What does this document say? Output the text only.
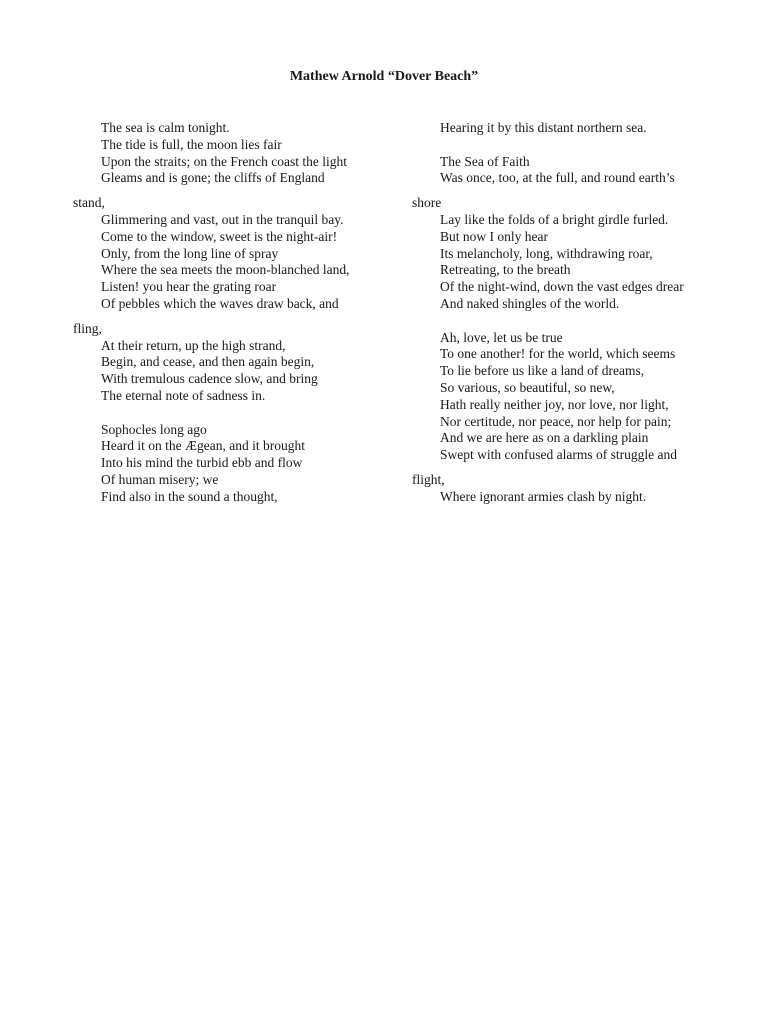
Mathew Arnold “Dover Beach”
The sea is calm tonight.
The tide is full, the moon lies fair
Upon the straits; on the French coast the light
Gleams and is gone; the cliffs of England
stand,
Glimmering and vast, out in the tranquil bay.
Come to the window, sweet is the night-air!
Only, from the long line of spray
Where the sea meets the moon-blanched land,
Listen! you hear the grating roar
Of pebbles which the waves draw back, and
fling,
At their return, up the high strand,
Begin, and cease, and then again begin,
With tremulous cadence slow, and bring
The eternal note of sadness in.
Sophocles long ago
Heard it on the Ægean, and it brought
Into his mind the turbid ebb and flow
Of human misery; we
Find also in the sound a thought,
Hearing it by this distant northern sea.
The Sea of Faith
Was once, too, at the full, and round earth’s
shore
Lay like the folds of a bright girdle furled.
But now I only hear
Its melancholy, long, withdrawing roar,
Retreating, to the breath
Of the night-wind, down the vast edges drear
And naked shingles of the world.
Ah, love, let us be true
To one another! for the world, which seems
To lie before us like a land of dreams,
So various, so beautiful, so new,
Hath really neither joy, nor love, nor light,
Nor certitude, nor peace, nor help for pain;
And we are here as on a darkling plain
Swept with confused alarms of struggle and
flight,
Where ignorant armies clash by night.
